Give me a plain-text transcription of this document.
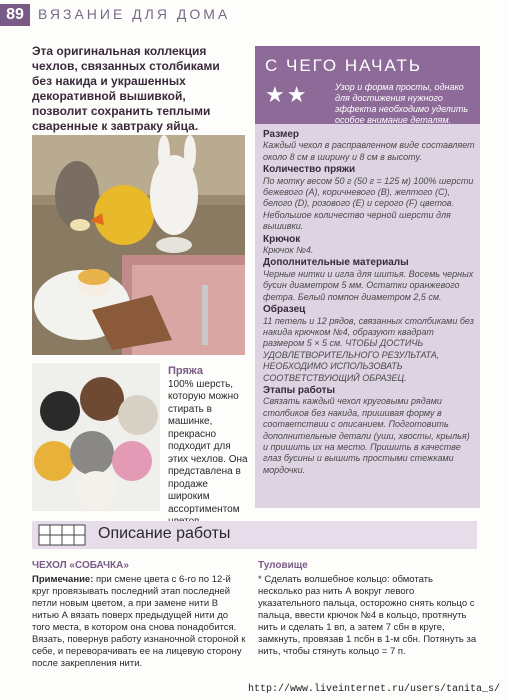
89	ВЯЗАНИЕ ДЛЯ ДОМА
Эта оригинальная коллекция чехлов, связанных столбиками без накида и украшенных декоративной вышивкой, позволит сохранить теплыми сваренные к завтраку яйца.
Пряжа
100% шерсть, которую можно стирать в машинке, прекрасно подходит для этих чехлов. Она представлена в продаже широким ассортиментом
С ЧЕГО НАЧАТЬ
★★	Узор и форма просты, однако для достижения нужного эффекта необходимо уделить особое внимание деталям.
Размер
Каждый чехол в расправленном виде составляет около 8 см в ширину и 8 см в высоту.
Количество пряжи
По мотку весом 50 г (50 г = 125 м) 100% шерсти бежевого (A), коричневого (B), желтого (C), белого (D), розового (E) и серого (F) цветов. Небольшое количество черной шерсти для вышивки.
Крючок
Крючок №4.
Дополнительные материалы
Черные нитки и игла для шитья. Восемь черных бусин диаметром 5 мм. Остатки оранжевого фетра. Белый помпон диаметром 2,5 см.
Образец
11 петель и 12 рядов, связанных столбиками без накида крючком №4, образуют квадрат размером 5 × 5 см. ЧТОБЫ ДОСТИЧЬ УДОВЛЕТВОРИТЕЛЬНОГО РЕЗУЛЬТАТА, НЕОБХОДИМО ИСПОЛЬЗОВАТЬ СООТВЕТСТВУЮЩИЙ ОБРАЗЕЦ.
Этапы работы
Связать каждый чехол круговыми рядами столбиков без накида, пришивая форму в соответствии с описанием. Подготовить дополнительные детали (уши, хвосты, крылья) и пришить их на место. Пришить в качестве глаз бусины и вышить простыми стежками мордочки.
Описание работы
ЧЕХОЛ «СОБАЧКА»
Примечание: при смене цвета с 6-го по 12-й круг провязывать последний этап последней петли новым цветом, а при замене нити В нитью А вязать поверх предыдущей нити до того места, в котором она снова понадобится. Вязать, повернув работу изнаночной стороной к себе, и переворачивать ее на лицевую сторону после закрепления нити.
Туловище
* Сделать волшебное кольцо: обмотать несколько раз нить А вокруг левого указательного пальца, осторожно снять кольцо с пальца, ввести крючок №4 в кольцо, протянуть нить и сделать 1 вп, а затем 7 сбн в круге, замкнуть, провязав 1 псбн в 1-м сбн. Потянуть за нить, чтобы стянуть кольцо = 7 п.
http://www.liveinternet.ru/users/tanita_s/
